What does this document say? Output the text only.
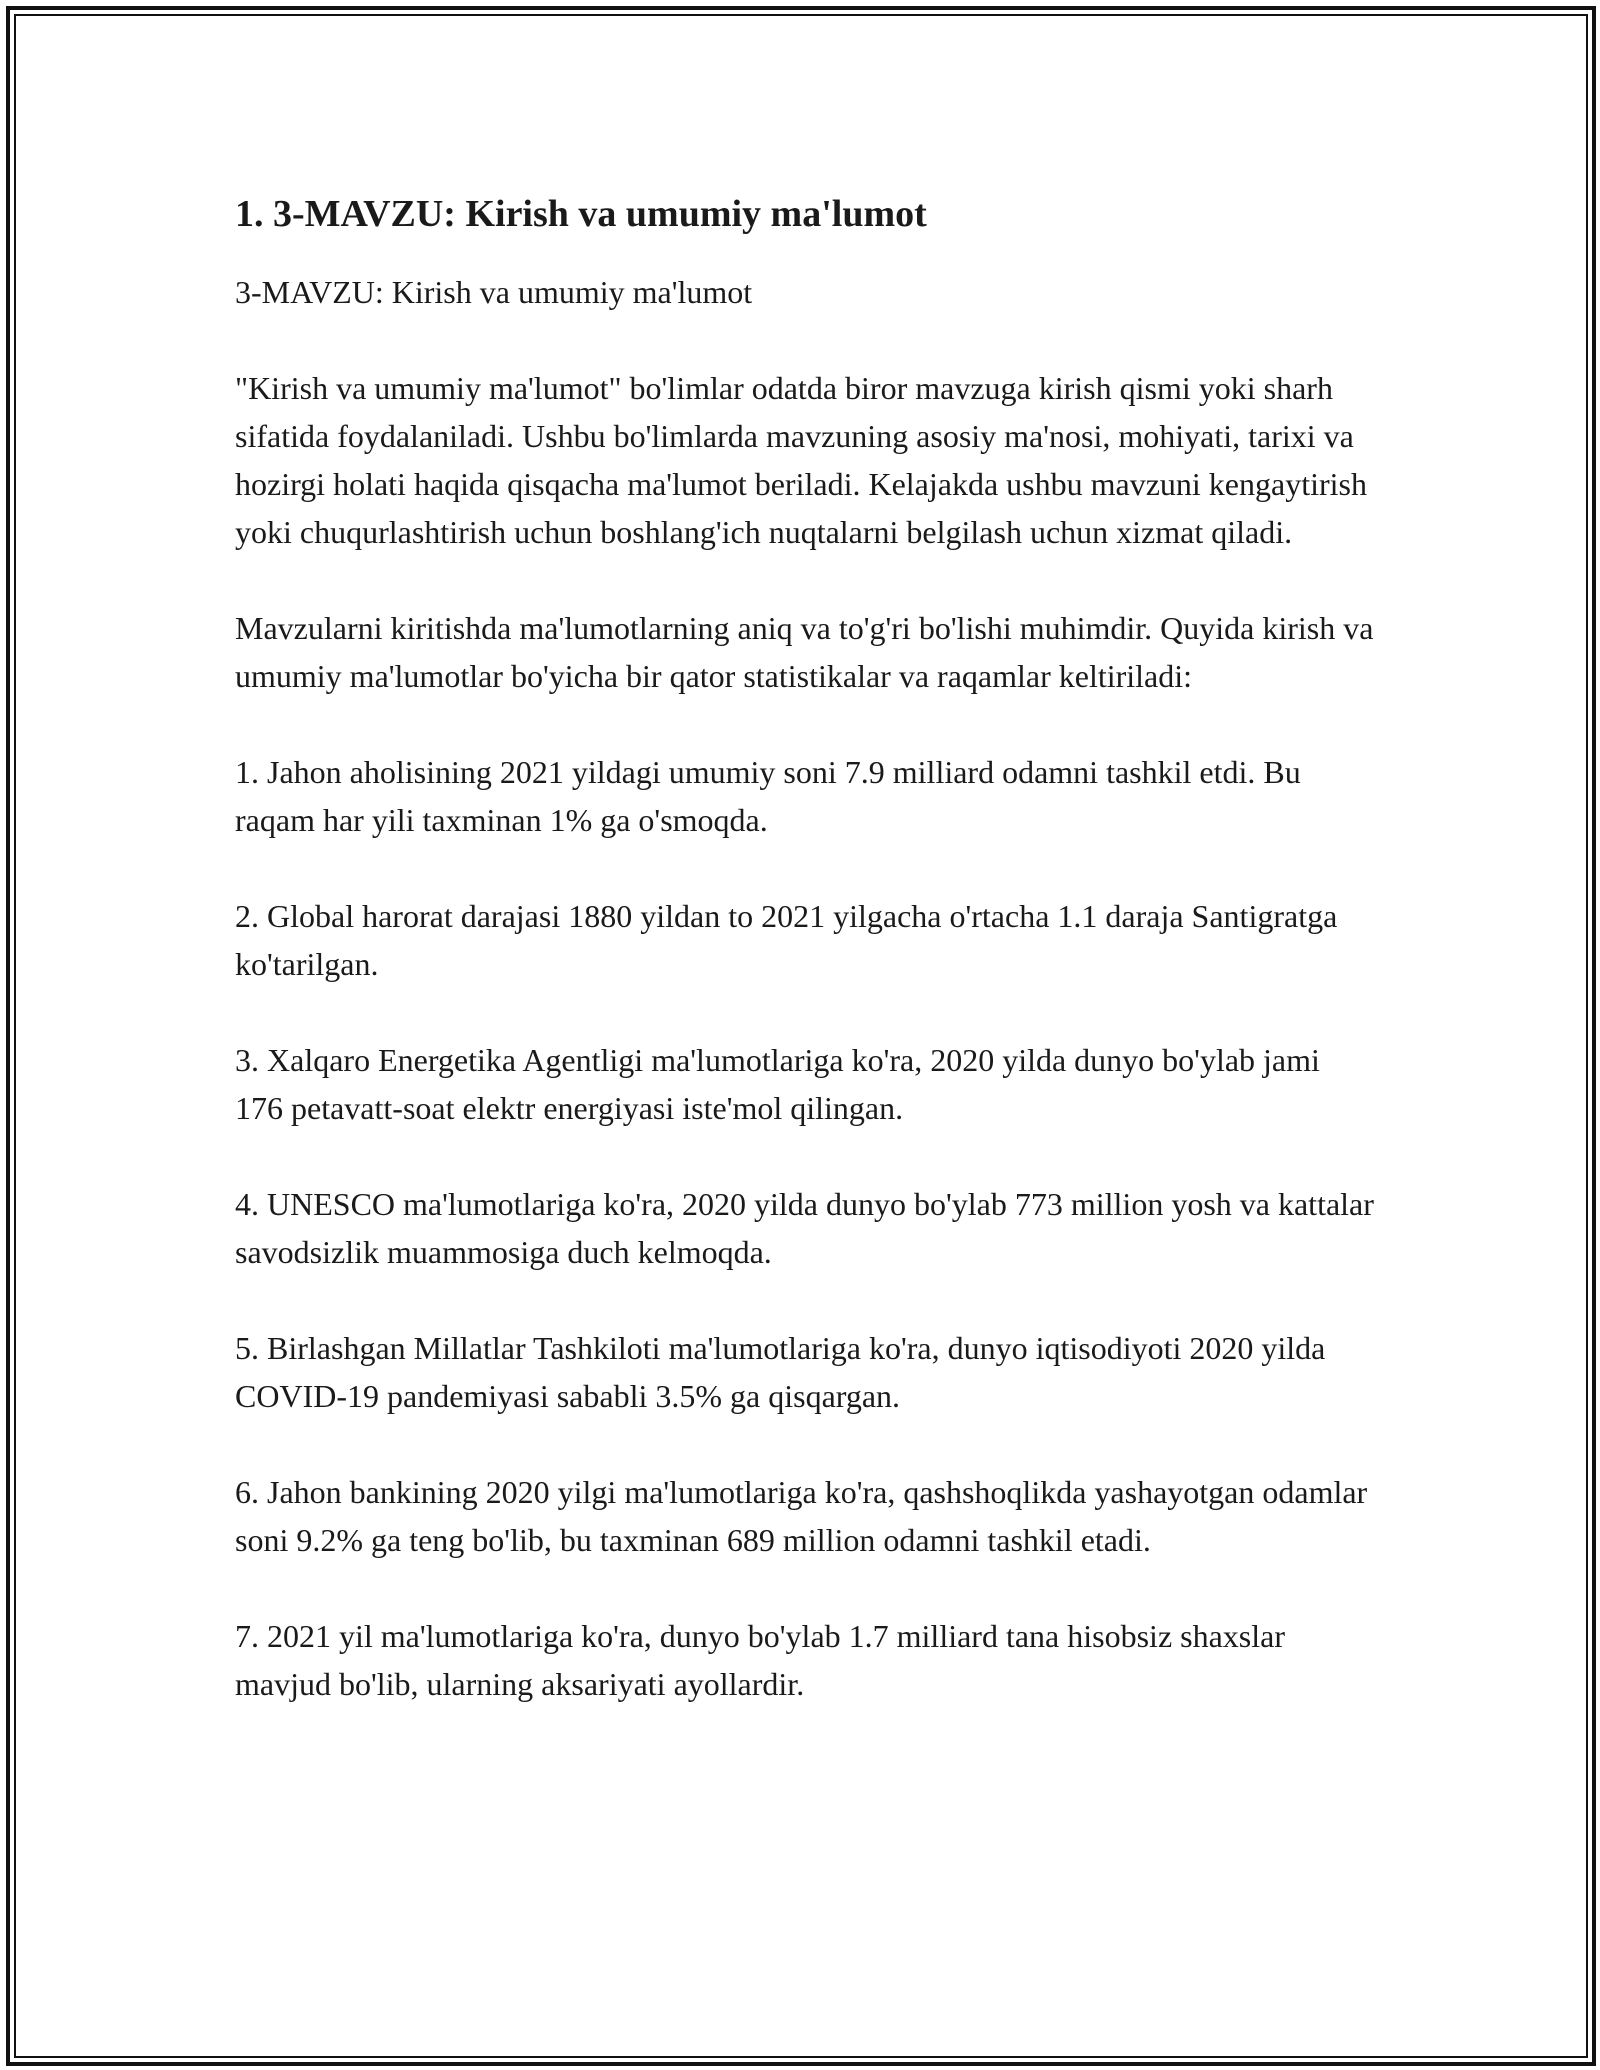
1. 3-MAVZU: Kirish va umumiy ma'lumot

3-MAVZU: Kirish va umumiy ma'lumot

"Kirish va umumiy ma'lumot" bo'limlar odatda biror mavzuga kirish qismi yoki sharh sifatida foydalaniladi. Ushbu bo'limlarda mavzuning asosiy ma'nosi, mohiyati, tarixi va hozirgi holati haqida qisqacha ma'lumot beriladi. Kelajakda ushbu mavzuni kengaytirish yoki chuqurlashtirish uchun boshlang'ich nuqtalarni belgilash uchun xizmat qiladi.

Mavzularni kiritishda ma'lumotlarning aniq va to'g'ri bo'lishi muhimdir. Quyida kirish va umumiy ma'lumotlar bo'yicha bir qator statistikalar va raqamlar keltiriladi:

1. Jahon aholisining 2021 yildagi umumiy soni 7.9 milliard odamni tashkil etdi. Bu raqam har yili taxminan 1% ga o'smoqda.

2. Global harorat darajasi 1880 yildan to 2021 yilgacha o'rtacha 1.1 daraja Santigratga ko'tarilgan.

3. Xalqaro Energetika Agentligi ma'lumotlariga ko'ra, 2020 yilda dunyo bo'ylab jami 176 petavatt-soat elektr energiyasi iste'mol qilingan.

4. UNESCO ma'lumotlariga ko'ra, 2020 yilda dunyo bo'ylab 773 million yosh va kattalar savodsizlik muammosiga duch kelmoqda.

5. Birlashgan Millatlar Tashkiloti ma'lumotlariga ko'ra, dunyo iqtisodiyoti 2020 yilda COVID-19 pandemiyasi sababli 3.5% ga qisqargan.

6. Jahon bankining 2020 yilgi ma'lumotlariga ko'ra, qashshoqlikda yashayotgan odamlar soni 9.2% ga teng bo'lib, bu taxminan 689 million odamni tashkil etadi.

7. 2021 yil ma'lumotlariga ko'ra, dunyo bo'ylab 1.7 milliard tana hisobsiz shaxslar mavjud bo'lib, ularning aksariyati ayollardir.
